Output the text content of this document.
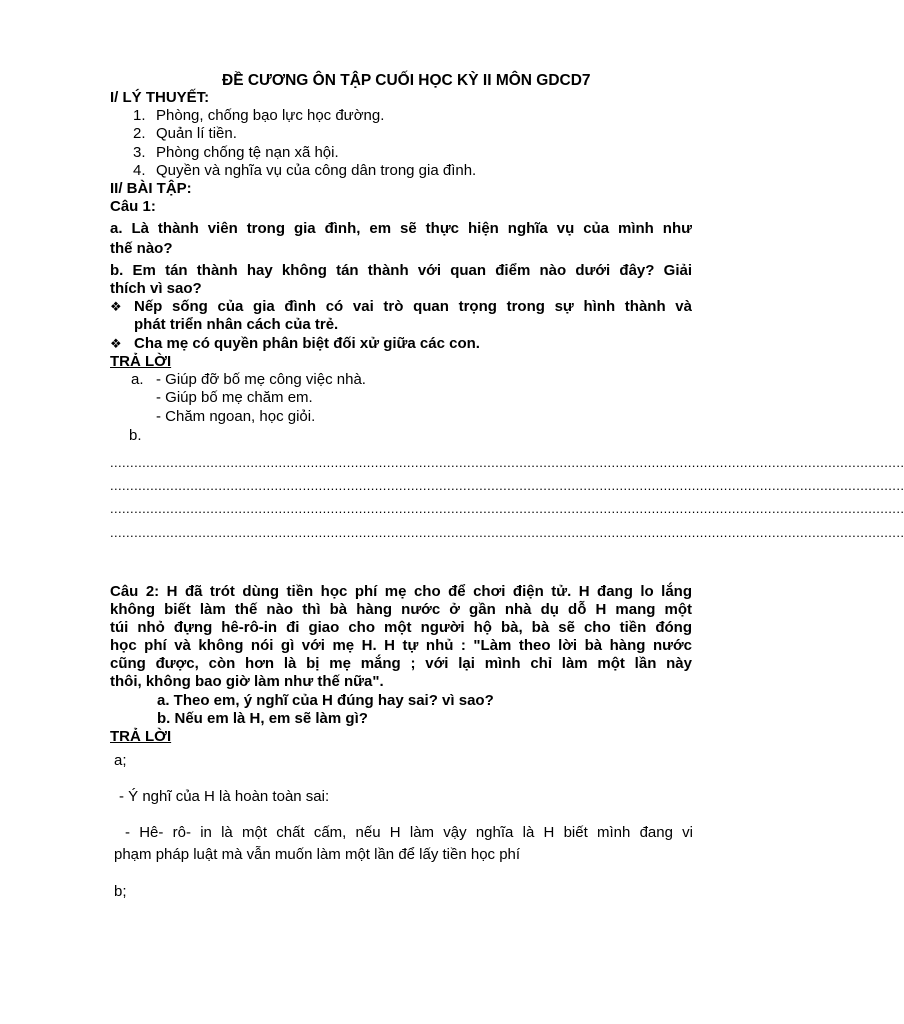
ĐỀ CƯƠNG ÔN TẬP CUỐI HỌC KỲ II MÔN GDCD7
I/ LÝ THUYẾT:
1. Phòng, chống bạo lực học đường.
2. Quản lí tiền.
3. Phòng chống tệ nạn xã hội.
4. Quyền và nghĩa vụ của công dân trong gia đình.
II/ BÀI TẬP:
Câu 1:
a. Là thành viên trong gia đình, em sẽ thực hiện nghĩa vụ của mình như
thế nào?
b. Em tán thành hay không tán thành với quan điểm nào dưới đây? Giải
thích vì sao?
❖ Nếp sống của gia đình có vai trò quan trọng trong sự hình thành và
phát triển nhân cách của trẻ.
❖ Cha mẹ có quyền phân biệt đối xử giữa các con.
TRẢ LỜI
a. - Giúp đỡ bố mẹ công việc nhà.
- Giúp bố mẹ chăm em.
- Chăm ngoan, học giỏi.
b.
......................................................................................................................................................................................................
......................................................................................................................................................................................................
......................................................................................................................................................................................................
......................................................................................................................................................................................................
Câu 2: H đã trót dùng tiền học phí mẹ cho để chơi điện tử. H đang lo lắng
không biết làm thế nào thì bà hàng nước ở gần nhà dụ dỗ H mang một
túi nhỏ đựng hê-rô-in đi giao cho một người hộ bà, bà sẽ cho tiền đóng
học phí và không nói gì với mẹ H. H tự nhủ : "Làm theo lời bà hàng nước
cũng được, còn hơn là bị mẹ mắng ; với lại mình chỉ làm một lần này
thôi, không bao giờ làm như thế nữa".
a. Theo em, ý nghĩ của H đúng hay sai? vì sao?
b. Nếu em là H, em sẽ làm gì?
TRẢ LỜI
a;
- Ý nghĩ của H là hoàn toàn sai:
- Hê- rô- in là một chất cấm, nếu H làm vậy nghĩa là H biết mình đang vi
phạm pháp luật mà vẫn muốn làm một lần để lấy tiền học phí
b;
